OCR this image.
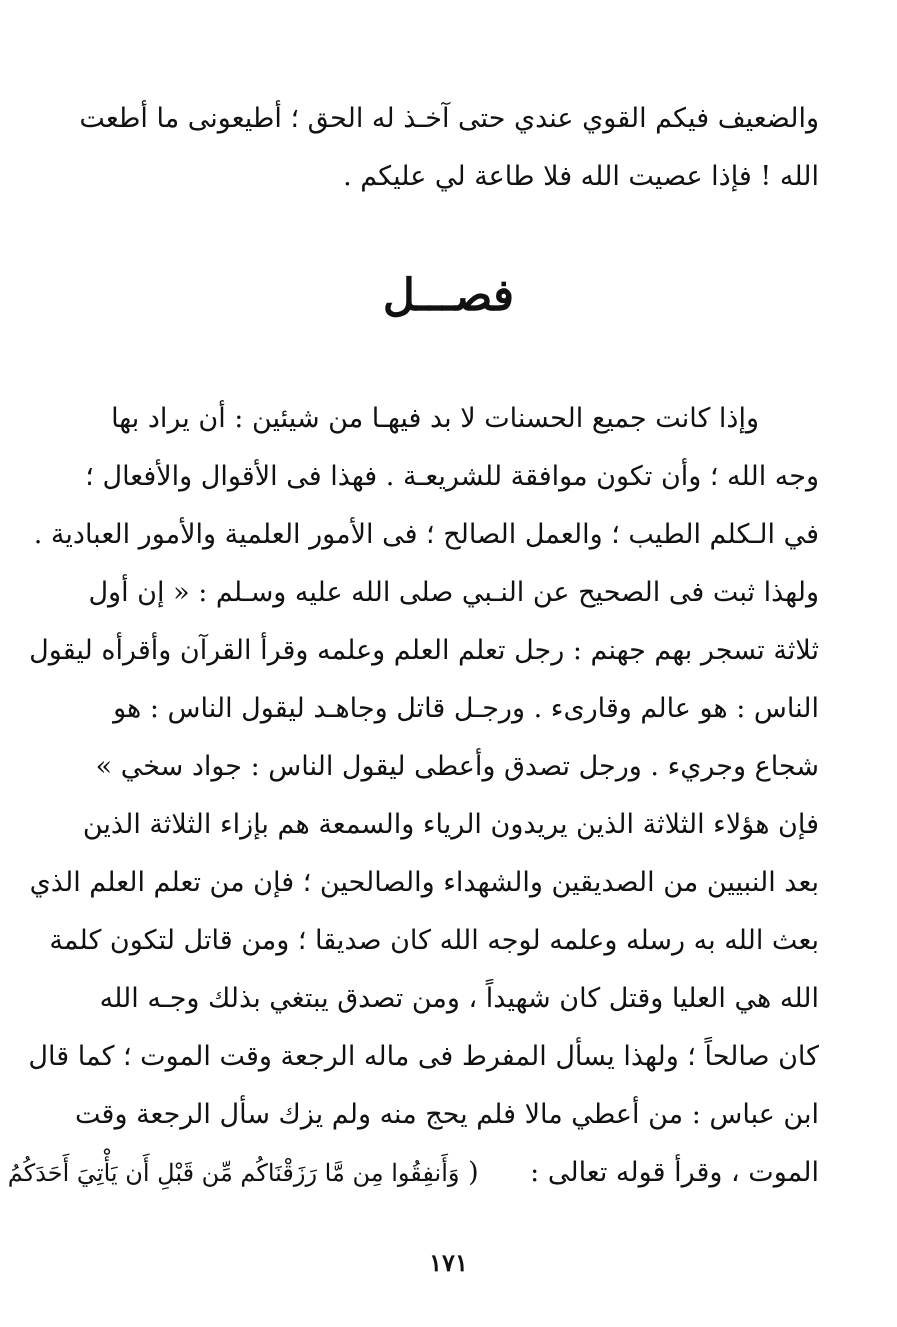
والضعيف فيكم القوي عندي حتى آخـذ له الحق ؛ أطيعونى ما أطعت
الله ! فإذا عصيت الله فلا طاعة لي عليكم .
فصـــل
وإذا كانت جميع الحسنات لا بد فيهـا من شيئين : أن يراد بها
وجه الله ؛ وأن تكون موافقة للشريعـة . فهذا فى الأقوال والأفعال ؛
في الـكلم الطيب ؛ والعمل الصالح ؛ فى الأمور العلمية والأمور العبادية .
ولهذا ثبت فى الصحيح عن النـبي صلى الله عليه وسـلم : « إن أول
ثلاثة تسجر بهم جهنم : رجل تعلم العلم وعلمه وقرأ القرآن وأقرأه ليقول
الناس : هو عالم وقارىء . ورجـل قاتل وجاهـد ليقول الناس : هو
شجاع وجريء . ورجل تصدق وأعطى ليقول الناس : جواد سخي »
فإن هؤلاء الثلاثة الذين يريدون الرياء والسمعة هم بإزاء الثلاثة الذين
بعد النبيين من الصديقين والشهداء والصالحين ؛ فإن من تعلم العلم الذي
بعث الله به رسله وعلمه لوجه الله كان صديقا ؛ ومن قاتل لتكون كلمة
الله هي العليا وقتل كان شهيداً ، ومن تصدق يبتغي بذلك وجـه الله
كان صالحاً ؛ ولهذا يسأل المفرط فى ماله الرجعة وقت الموت ؛ كما قال
ابن عباس : من أعطي مالا فلم يحج منه ولم يزك سأل الرجعة وقت
الموت ، وقرأ قوله تعالى :      ( وَأَنفِقُوا مِن مَّا رَزَقْنَاكُم مِّن قَبْلِ أَن يَأْتِيَ أَحَدَكُمُ
١٧١
